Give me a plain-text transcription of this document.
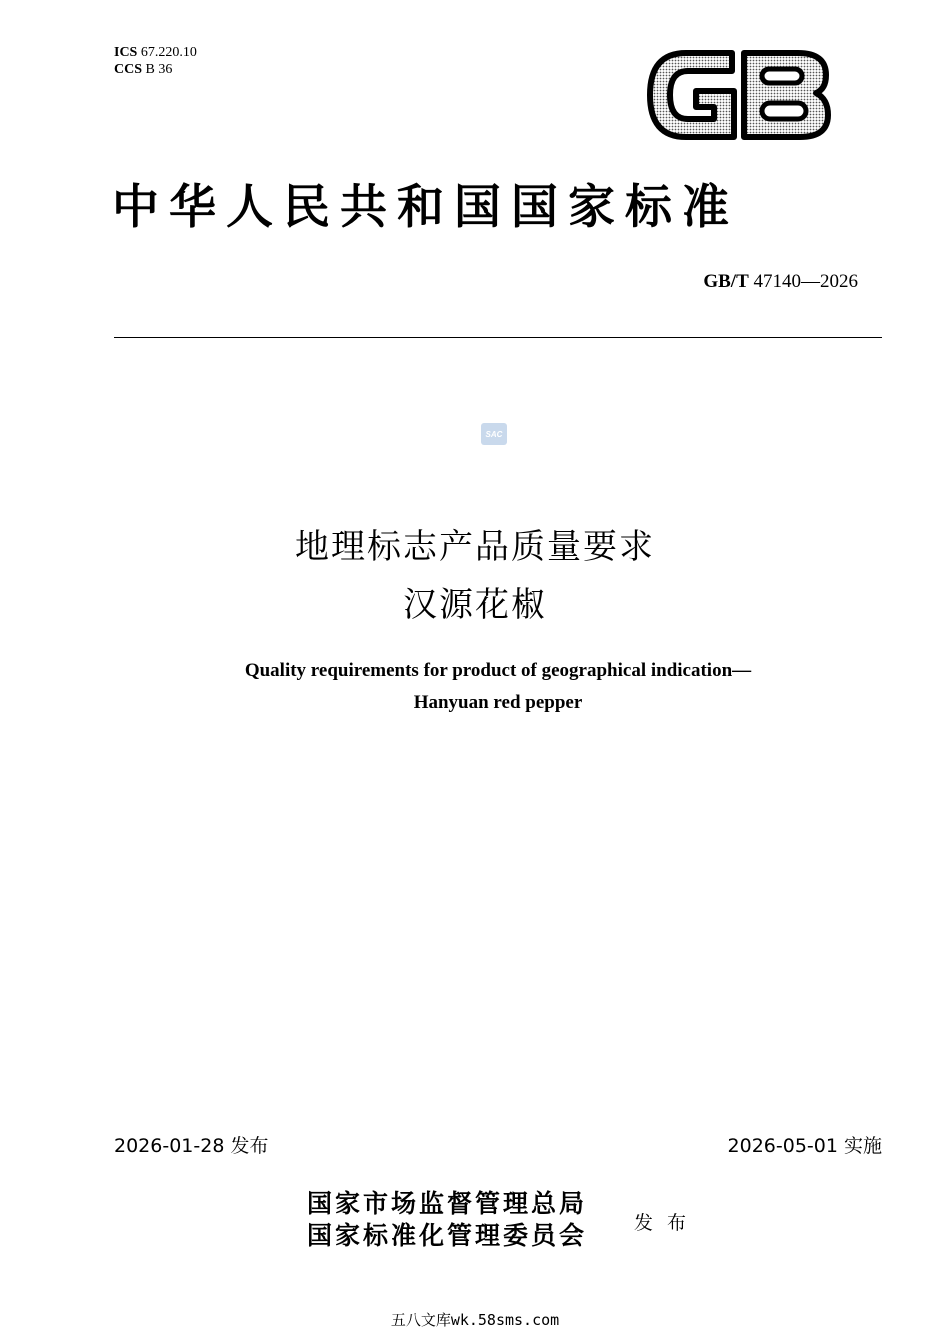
ICS 67.220.10
CCS B 36
中华人民共和国国家标准
GB/T 47140—2026
SAC
地理标志产品质量要求
汉源花椒
Quality requirements for product of geographical indication—
Hanyuan red pepper
2026-01-28 发布	2026-05-01 实施
国家市场监督管理总局
国家标准化管理委员会 发布
五八文库wk.58sms.com
